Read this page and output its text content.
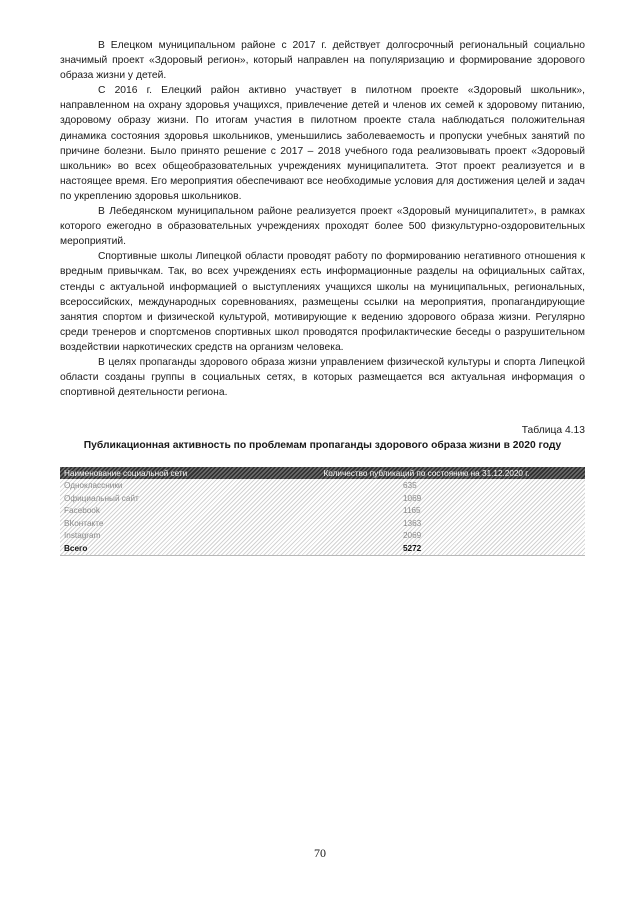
В Елецком муниципальном районе с 2017 г. действует долгосрочный региональный социально значимый проект «Здоровый регион», который направлен на популяризацию и формирование здорового образа жизни у детей.

С 2016 г. Елецкий район активно участвует в пилотном проекте «Здоровый школьник», направленном на охрану здоровья учащихся, привлечение детей и членов их семей к здоровому питанию, здоровому образу жизни. По итогам участия в пилотном проекте стала наблюдаться положительная динамика состояния здоровья школьников, уменьшились заболеваемость и пропуски учебных занятий по причине болезни. Было принято решение с 2017 – 2018 учебного года реализовывать проект «Здоровый школьник» во всех общеобразовательных учреждениях муниципалитета. Этот проект реализуется и в настоящее время. Его мероприятия обеспечивают все необходимые условия для достижения целей и задач по укреплению здоровья школьников.

В Лебедянском муниципальном районе реализуется проект «Здоровый муниципалитет», в рамках которого ежегодно в образовательных учреждениях проходят более 500 физкультурно-оздоровительных мероприятий.

Спортивные школы Липецкой области проводят работу по формированию негативного отношения к вредным привычкам. Так, во всех учреждениях есть информационные разделы на официальных сайтах, стенды с актуальной информацией о выступлениях учащихся школы на муниципальных, региональных, всероссийских, международных соревнованиях, размещены ссылки на мероприятия, пропагандирующие занятия спортом и физической культурой, мотивирующие к ведению здорового образа жизни. Регулярно среди тренеров и спортсменов спортивных школ проводятся профилактические беседы о разрушительном воздействии наркотических средств на организм человека.

В целях пропаганды здорового образа жизни управлением физической культуры и спорта Липецкой области созданы группы в социальных сетях, в которых размещается вся актуальная информация о спортивной деятельности региона.

Таблица 4.13
Публикационная активность по проблемам пропаганды здорового образа жизни в 2020 году
Наименование социальной сети	Количество публикаций по состоянию на 31.12.2020 г.
Одноклассники	635
Официальный сайт	1069
Facebook	1165
ВКонтакте	1363
Instagram	2069
Всего	5272
70
